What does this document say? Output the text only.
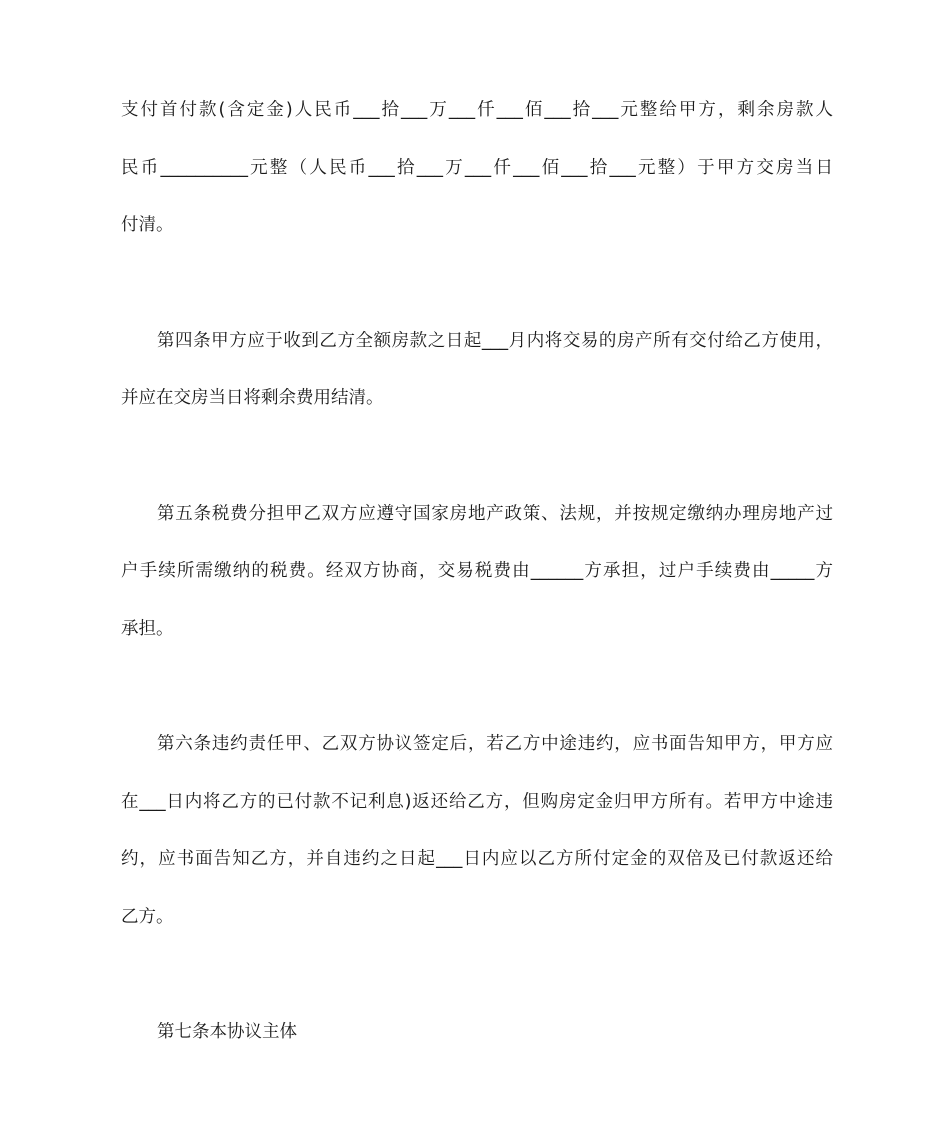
支付首付款(含定金)人民币___拾___万___仟___佰___拾___元整给甲方，剩余房款人
民币__________元整（人民币___拾___万___仟___佰___拾___元整）于甲方交房当日
付清。
第四条甲方应于收到乙方全额房款之日起___月内将交易的房产所有交付给乙方使用，
并应在交房当日将剩余费用结清。
第五条税费分担甲乙双方应遵守国家房地产政策、法规，并按规定缴纳办理房地产过
户手续所需缴纳的税费。经双方协商，交易税费由______方承担，过户手续费由_____方
承担。
第六条违约责任甲、乙双方协议签定后，若乙方中途违约，应书面告知甲方，甲方应
在___日内将乙方的已付款不记利息)返还给乙方，但购房定金归甲方所有。若甲方中途违
约，应书面告知乙方，并自违约之日起___日内应以乙方所付定金的双倍及已付款返还给
乙方。
第七条本协议主体
